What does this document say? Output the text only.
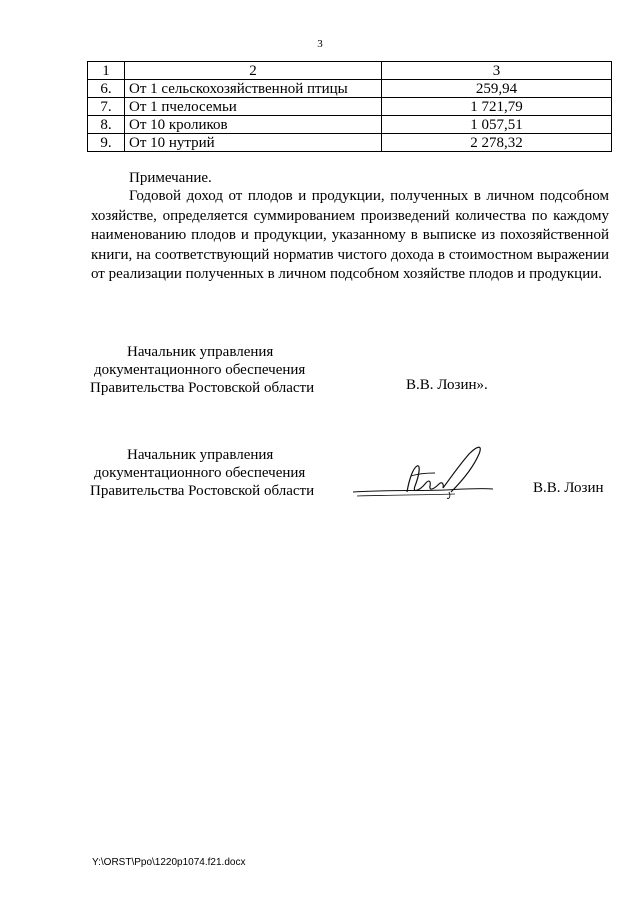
3
1	2	3
6.	От 1 сельскохозяйственной птицы	259,94
7.	От 1 пчелосемьи	1 721,79
8.	От 10 кроликов	1 057,51
9.	От 10 нутрий	2 278,32
Примечание.
Годовой доход от плодов и продукции, полученных в личном подсобном хозяйстве, определяется суммированием произведений количества по каждому наименованию плодов и продукции, указанному в выписке из похозяйственной книги, на соответствующий норматив чистого дохода в стоимостном выражении от реализации полученных в личном подсобном хозяйстве плодов и продукции.
Начальник управления
документационного обеспечения
Правительства Ростовской области	В.В. Лозин».
Начальник управления
документационного обеспечения
Правительства Ростовской области	В.В. Лозин
Y:\ORST\Ppo\1220p1074.f21.docx
